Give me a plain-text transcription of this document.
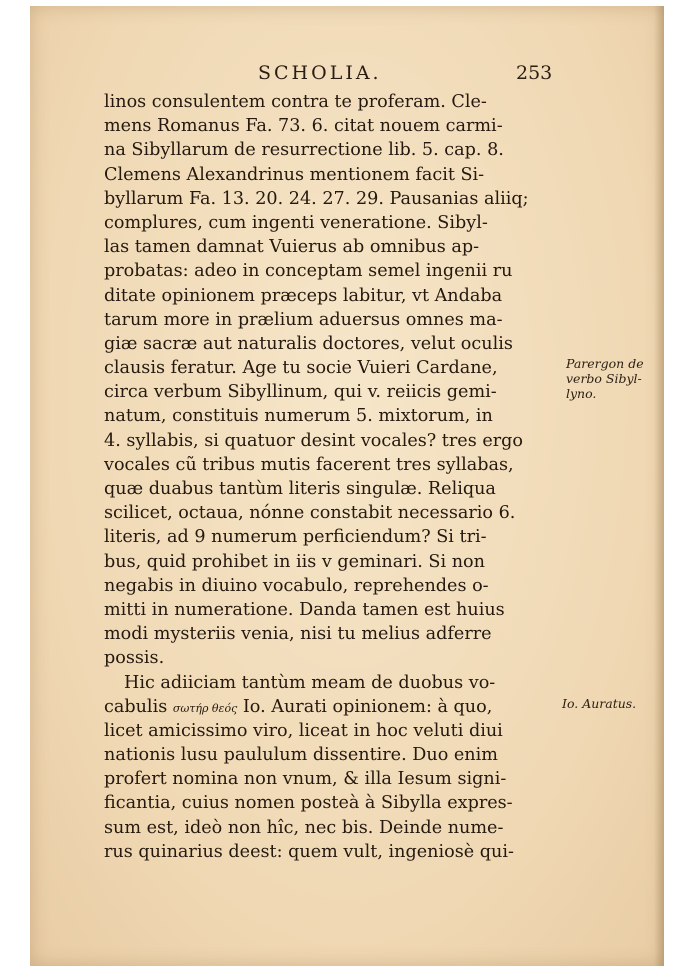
SCHOLIA.	253
linos consulentem contra te proferam. Cle-
mens Romanus Fa. 73. 6. citat nouem carmi-
na Sibyllarum de resurrectione lib. 5. cap. 8.
Clemens Alexandrinus mentionem facit Si-
byllarum Fa. 13. 20. 24. 27. 29. Pausanias aliiq;
complures, cum ingenti veneratione. Sibyl-
las tamen damnat Vuierus ab omnibus ap-
probatas: adeo in conceptam semel ingenii ru
ditate opinionem præceps labitur, vt Andaba
tarum more in prælium aduersus omnes ma-
giæ sacræ aut naturalis doctores, velut oculis
clausis feratur. Age tu socie Vuieri Cardane,
circa verbum Sibyllinum, qui v. reiicis gemi-
natum, constituis numerum 5. mixtorum, in
4. syllabis, si quatuor desint vocales? tres ergo
vocales cũ tribus mutis facerent tres syllabas,
quæ duabus tantùm literis singulæ. Reliqua
scilicet, octaua, nónne constabit necessario 6.
literis, ad 9 numerum perficiendum? Si tri-
bus, quid prohibet in iis v geminari. Si non
negabis in diuino vocabulo, reprehendes o-
mitti in numeratione. Danda tamen est huius
modi mysteriis venia, nisi tu melius adferre
possis.
Hic adiiciam tantùm meam de duobus vo-
cabulis σωτήρ θεός Io. Aurati opinionem: à quo,
licet amicissimo viro, liceat in hoc veluti diui
nationis lusu paululum dissentire. Duo enim
profert nomina non vnum, & illa Iesum signi-
ficantia, cuius nomen posteà à Sibylla expres-
sum est, ideò non hîc, nec bis. Deinde nume-
rus quinarius deest: quem vult, ingeniosè qui-
Parergon de
verbo Sibyl-
lyno.
Io. Auratus.
